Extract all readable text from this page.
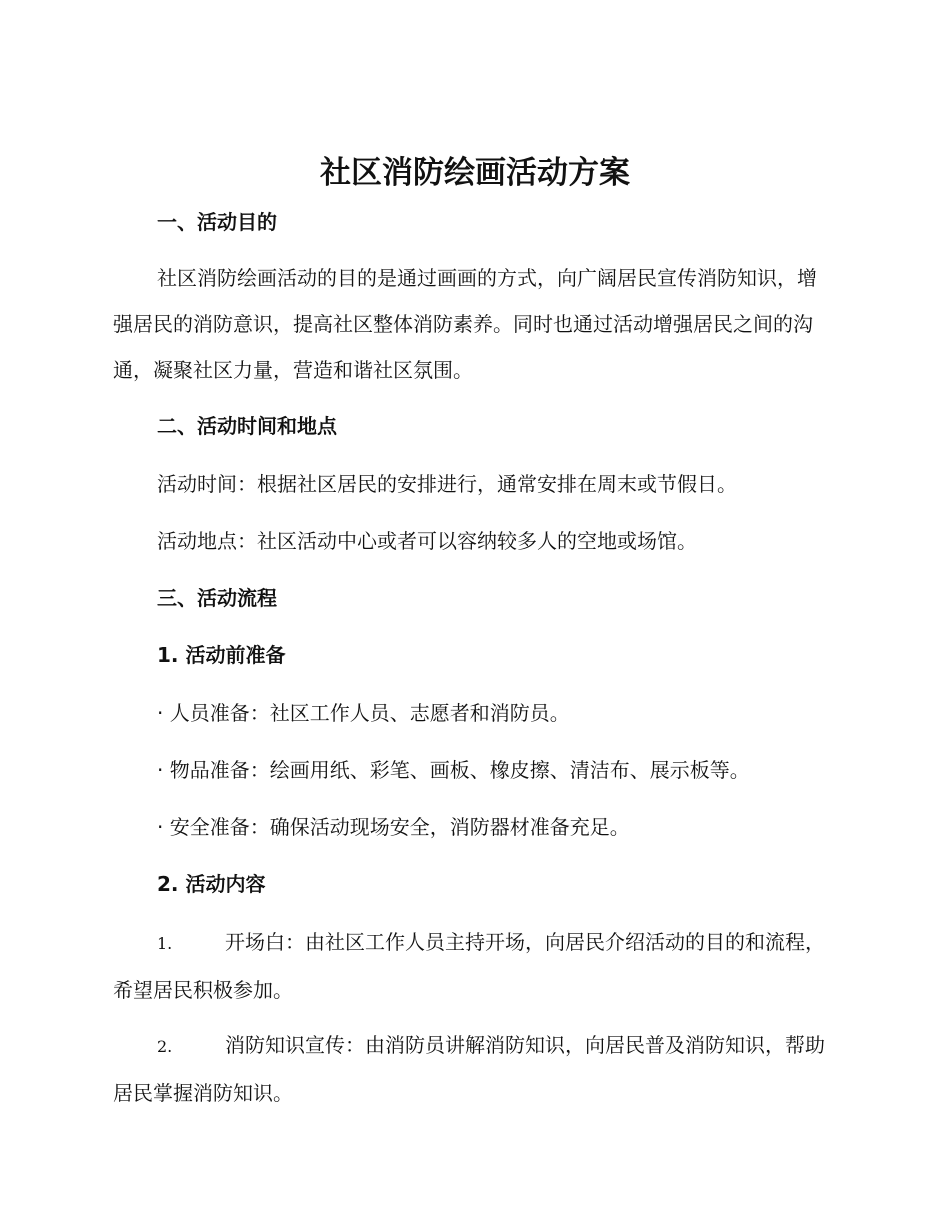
社区消防绘画活动方案
一、活动目的
社区消防绘画活动的目的是通过画画的方式，向广阔居民宣传消防知识，增强居民的消防意识，提高社区整体消防素养。同时也通过活动增强居民之间的沟通，凝聚社区力量，营造和谐社区氛围。
二、活动时间和地点
活动时间：根据社区居民的安排进行，通常安排在周末或节假日。
活动地点：社区活动中心或者可以容纳较多人的空地或场馆。
三、活动流程
1. 活动前准备
· 人员准备：社区工作人员、志愿者和消防员。
· 物品准备：绘画用纸、彩笔、画板、橡皮擦、清洁布、展示板等。
· 安全准备：确保活动现场安全，消防器材准备充足。
2. 活动内容
1.	开场白：由社区工作人员主持开场，向居民介绍活动的目的和流程，希望居民积极参加。
2.	消防知识宣传：由消防员讲解消防知识，向居民普及消防知识，帮助居民掌握消防知识。
